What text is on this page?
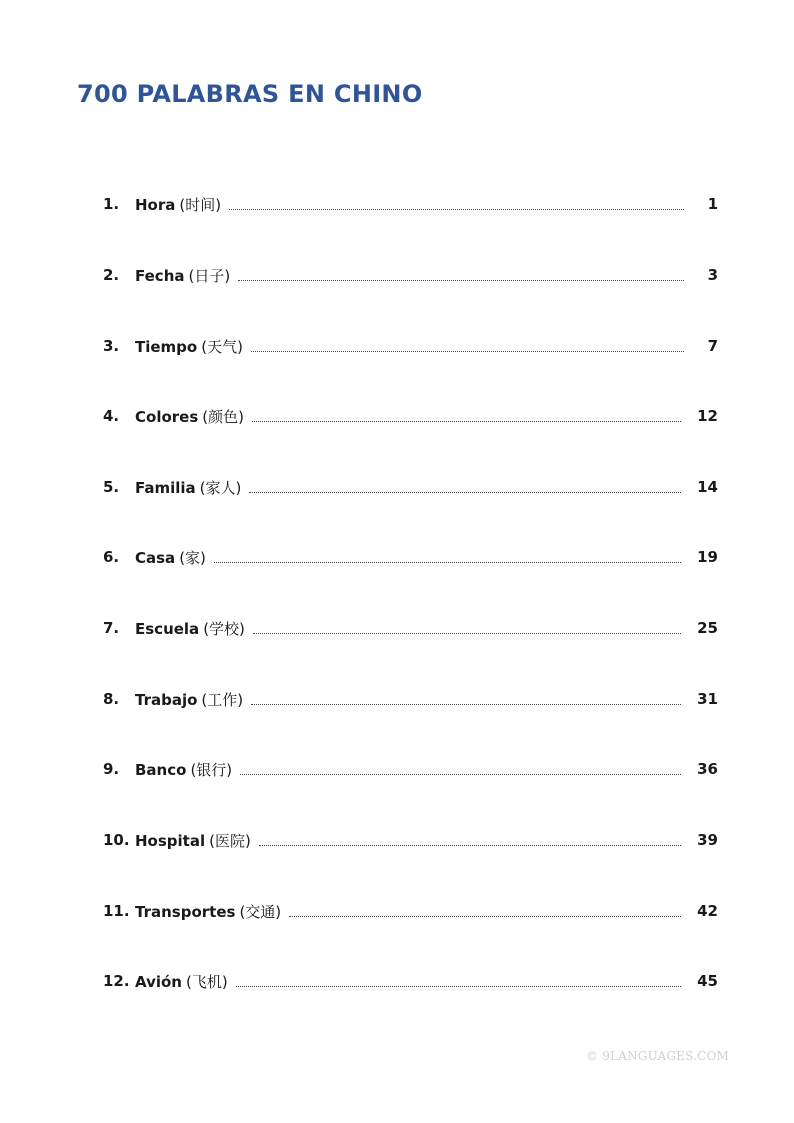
700 PALABRAS EN CHINO
1.	Hora (时间)	1
2.	Fecha (日子)	3
3.	Tiempo (天气)	7
4.	Colores (颜色)	12
5.	Familia (家人)	14
6.	Casa (家)	19
7.	Escuela (学校)	25
8.	Trabajo (工作)	31
9.	Banco (银行)	36
10. Hospital (医院)	39
11. Transportes (交通)	42
12. Avión (飞机)	45
© 9LANGUAGES.COM
